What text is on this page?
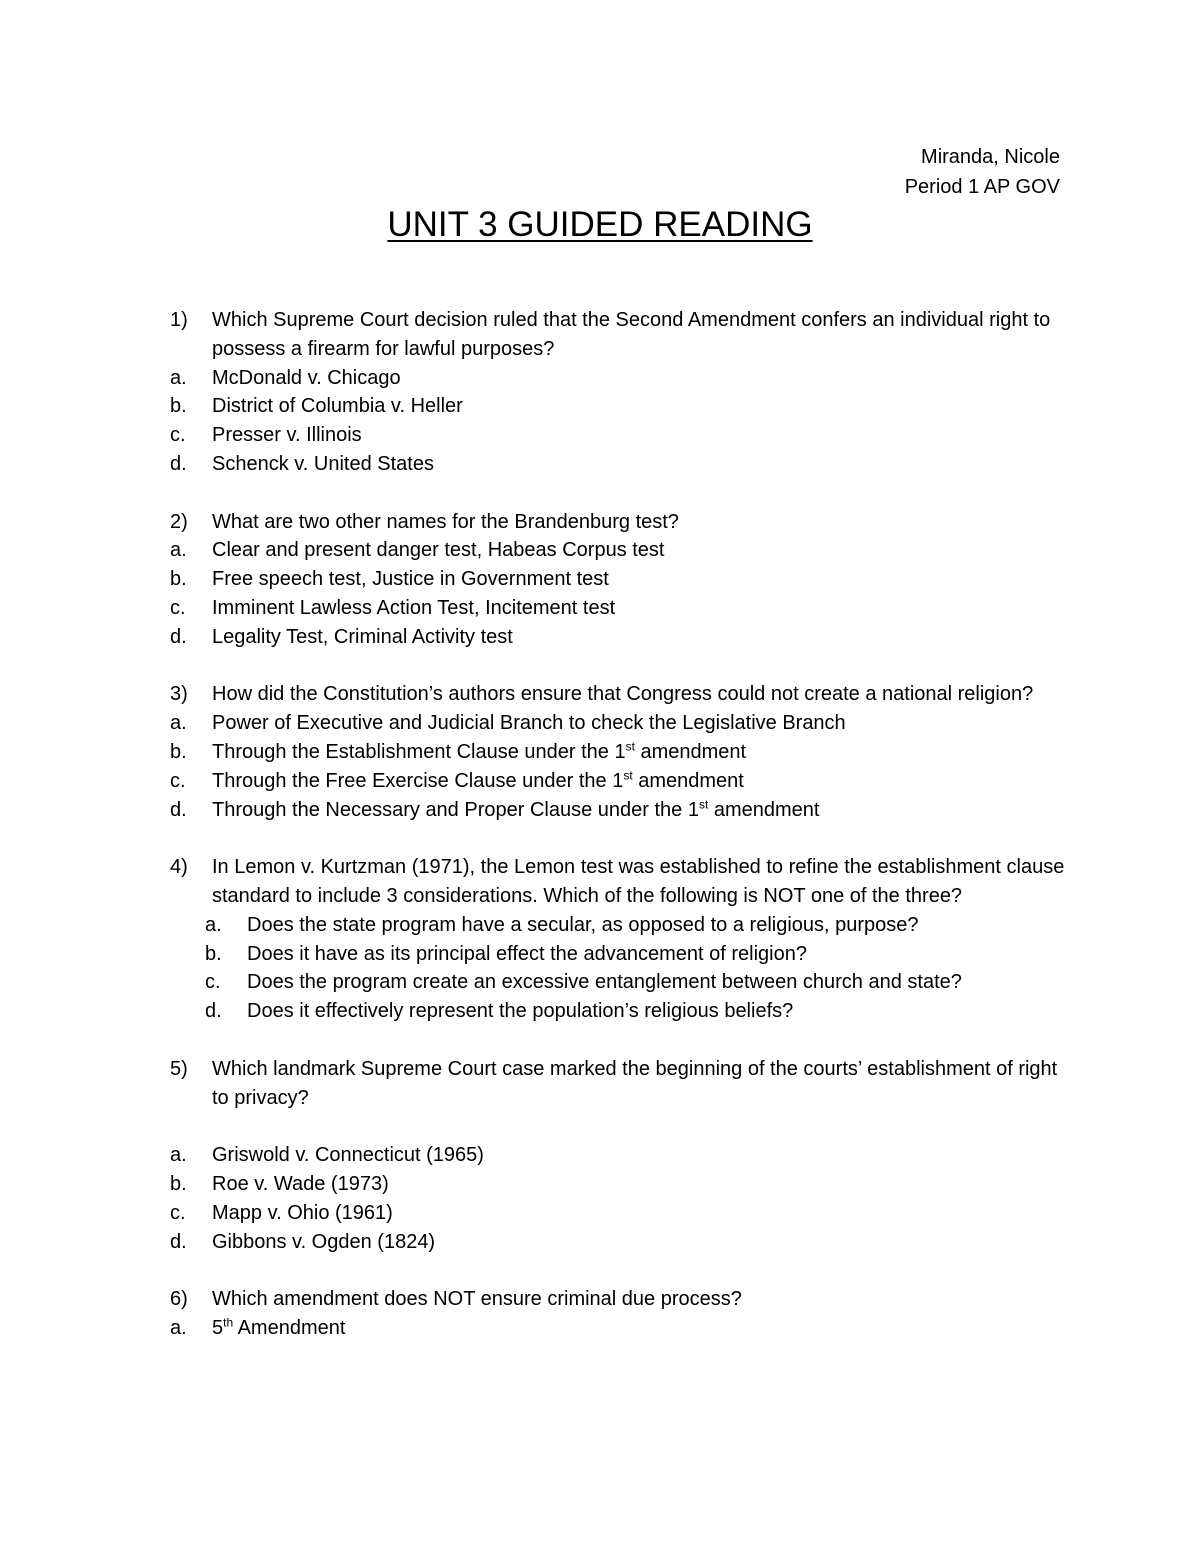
Miranda, Nicole
Period 1 AP GOV
UNIT 3 GUIDED READING
1)	Which Supreme Court decision ruled that the Second Amendment confers an individual right to possess a firearm for lawful purposes?
a.	McDonald v. Chicago
b.	District of Columbia v. Heller
c.	Presser v. Illinois
d.	Schenck v. United States
2)	What are two other names for the Brandenburg test?
a.	Clear and present danger test, Habeas Corpus test
b.	Free speech test, Justice in Government test
c.	Imminent Lawless Action Test, Incitement test
d.	Legality Test, Criminal Activity test
3)	How did the Constitution’s authors ensure that Congress could not create a national religion?
a.	Power of Executive and Judicial Branch to check the Legislative Branch
b.	Through the Establishment Clause under the 1st amendment
c.	Through the Free Exercise Clause under the 1st amendment
d.	Through the Necessary and Proper Clause under the 1st amendment
4)	In Lemon v. Kurtzman (1971), the Lemon test was established to refine the establishment clause standard to include 3 considerations. Which of the following is NOT one of the three?
a.	Does the state program have a secular, as opposed to a religious, purpose?
b.	Does it have as its principal effect the advancement of religion?
c.	Does the program create an excessive entanglement between church and state?
d.	Does it effectively represent the population’s religious beliefs?
5)	Which landmark Supreme Court case marked the beginning of the courts’ establishment of right to privacy?
a.	Griswold v. Connecticut (1965)
b.	Roe v. Wade (1973)
c.	Mapp v. Ohio (1961)
d.	Gibbons v. Ogden (1824)
6)	Which amendment does NOT ensure criminal due process?
a.	5th Amendment
